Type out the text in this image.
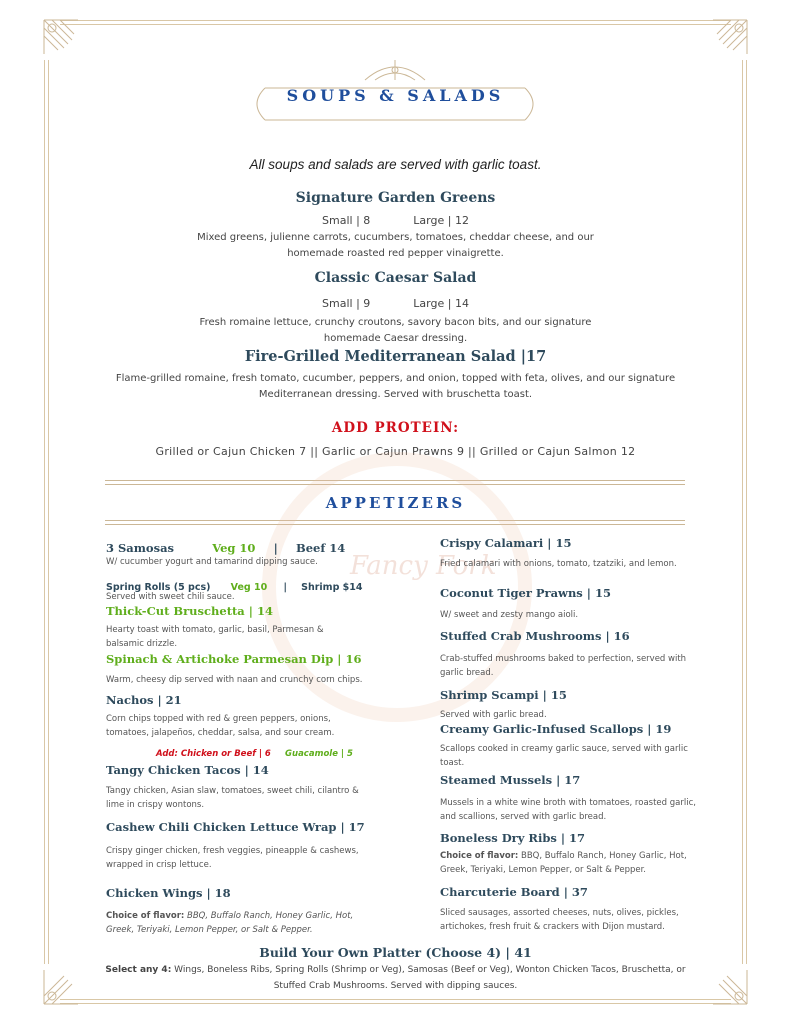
SOUPS & SALADS
All soups and salads are served with garlic toast.
Signature Garden Greens
Small | 8	Large | 12
Mixed greens, julienne carrots, cucumbers, tomatoes, cheddar cheese, and our
homemade roasted red pepper vinaigrette.
Classic Caesar Salad
Small | 9	Large | 14
Fresh romaine lettuce, crunchy croutons, savory bacon bits, and our signature
homemade Caesar dressing.
Fire-Grilled Mediterranean Salad |17
Flame-grilled romaine, fresh tomato, cucumber, peppers, and onion, topped with feta, olives, and our signature
Mediterranean dressing. Served with bruschetta toast.
ADD PROTEIN:
Grilled or Cajun Chicken 7 || Garlic or Cajun Prawns 9 || Grilled or Cajun Salmon 12
Fancy Fork
APPETIZERS
3 Samosas	Veg 10 | Beef 14
W/ cucumber yogurt and tamarind dipping sauce.
Spring Rolls (5 pcs) Veg 10 | Shrimp $14
Served with sweet chili sauce.
Thick-Cut Bruschetta | 14
Hearty toast with tomato, garlic, basil, Parmesan &
balsamic drizzle.
Spinach & Artichoke Parmesan Dip | 16
Warm, cheesy dip served with naan and crunchy corn chips.
Nachos | 21
Corn chips topped with red & green peppers, onions,
tomatoes, jalapeños, cheddar, salsa, and sour cream.
Add: Chicken or Beef | 6 Guacamole | 5
Tangy Chicken Tacos | 14
Tangy chicken, Asian slaw, tomatoes, sweet chili, cilantro &
lime in crispy wontons.
Cashew Chili Chicken Lettuce Wrap | 17
Crispy ginger chicken, fresh veggies, pineapple & cashews,
wrapped in crisp lettuce.
Chicken Wings | 18
Choice of flavor: BBQ, Buffalo Ranch, Honey Garlic, Hot,
Greek, Teriyaki, Lemon Pepper, or Salt & Pepper.
Crispy Calamari | 15
Fried calamari with onions, tomato, tzatziki, and lemon.
Coconut Tiger Prawns | 15
W/ sweet and zesty mango aioli.
Stuffed Crab Mushrooms | 16
Crab-stuffed mushrooms baked to perfection, served with
garlic bread.
Shrimp Scampi | 15
Served with garlic bread.
Creamy Garlic-Infused Scallops | 19
Scallops cooked in creamy garlic sauce, served with garlic
toast.
Steamed Mussels | 17
Mussels in a white wine broth with tomatoes, roasted garlic,
and scallions, served with garlic bread.
Boneless Dry Ribs | 17
Choice of flavor: BBQ, Buffalo Ranch, Honey Garlic, Hot,
Greek, Teriyaki, Lemon Pepper, or Salt & Pepper.
Charcuterie Board | 37
Sliced sausages, assorted cheeses, nuts, olives, pickles,
artichokes, fresh fruit & crackers with Dijon mustard.
Build Your Own Platter (Choose 4) | 41
Select any 4: Wings, Boneless Ribs, Spring Rolls (Shrimp or Veg), Samosas (Beef or Veg), Wonton Chicken Tacos, Bruschetta, or
Stuffed Crab Mushrooms. Served with dipping sauces.
